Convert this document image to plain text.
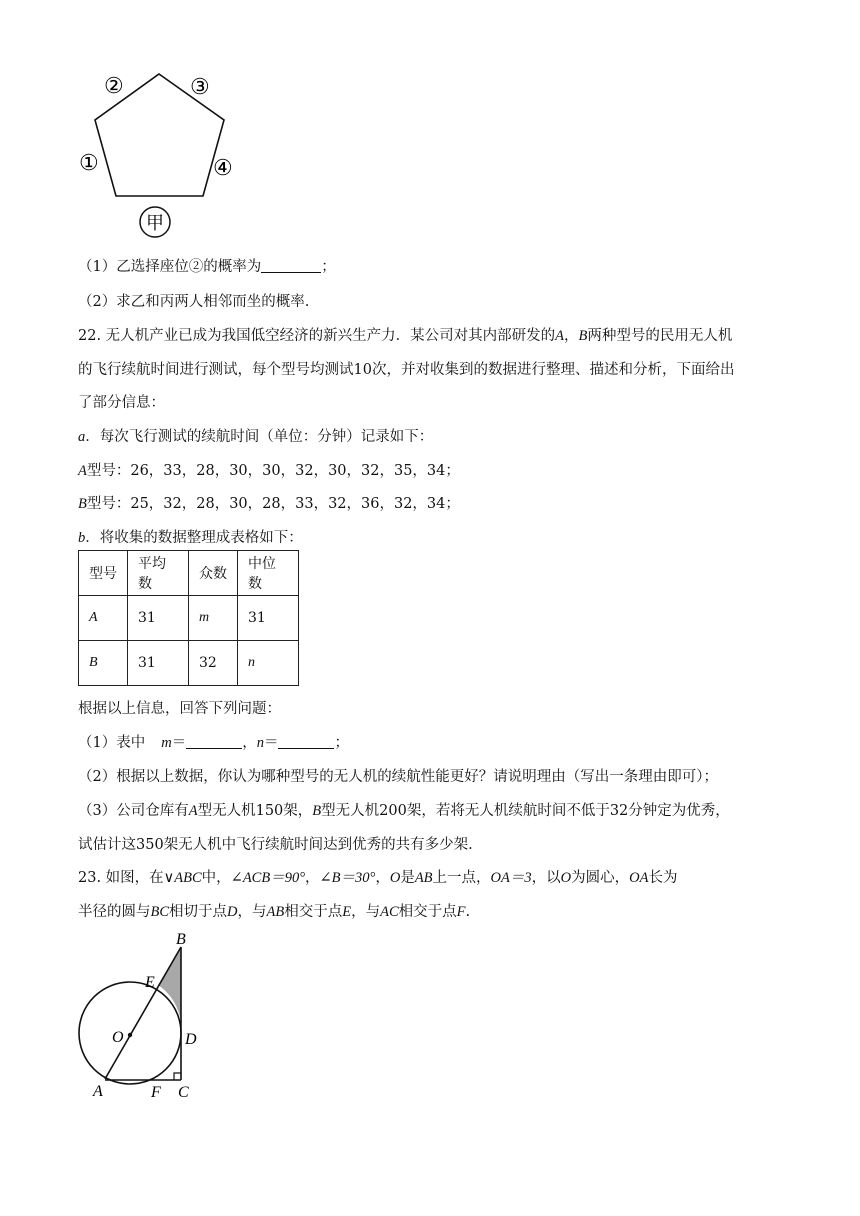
①
②	③
④
甲
（1）乙选择座位②的概率为	；
（2）求乙和丙两人相邻而坐的概率.
22. 无人机产业已成为我国低空经济的新兴生产力．某公司对其内部研发的A，B两种型号的民用无人机
的飞行续航时间进行测试，每个型号均测试10次，并对收集到的数据进行整理、描述和分析，下面给出
了部分信息：
a．每次飞行测试的续航时间（单位：分钟）记录如下：
A型号：26，33，28，30，30，32，30，32，35，34；
B型号：25，32，28，30，28，33，32，36，32，34；
b．将收集的数据整理成表格如下：
型号	平均数	众数	中位数
A	31	m	31
B	31	32	n
根据以上信息，回答下列问题：
（1）表中 m＝	，n＝	；
（2）根据以上数据，你认为哪种型号的无人机的续航性能更好？请说明理由（写出一条理由即可）；
（3）公司仓库有A型无人机150架，B型无人机200架，若将无人机续航时间不低于32分钟定为优秀，
试估计这350架无人机中飞行续航时间达到优秀的共有多少架.
23. 如图，在∨ABC中，∠ACB＝90°，∠B＝30°，O是AB上一点，OA＝3，以O为圆心，OA长为
半径的圆与BC相切于点D，与AB相交于点E，与AC相交于点F.
B
E
O	D
A	F C
